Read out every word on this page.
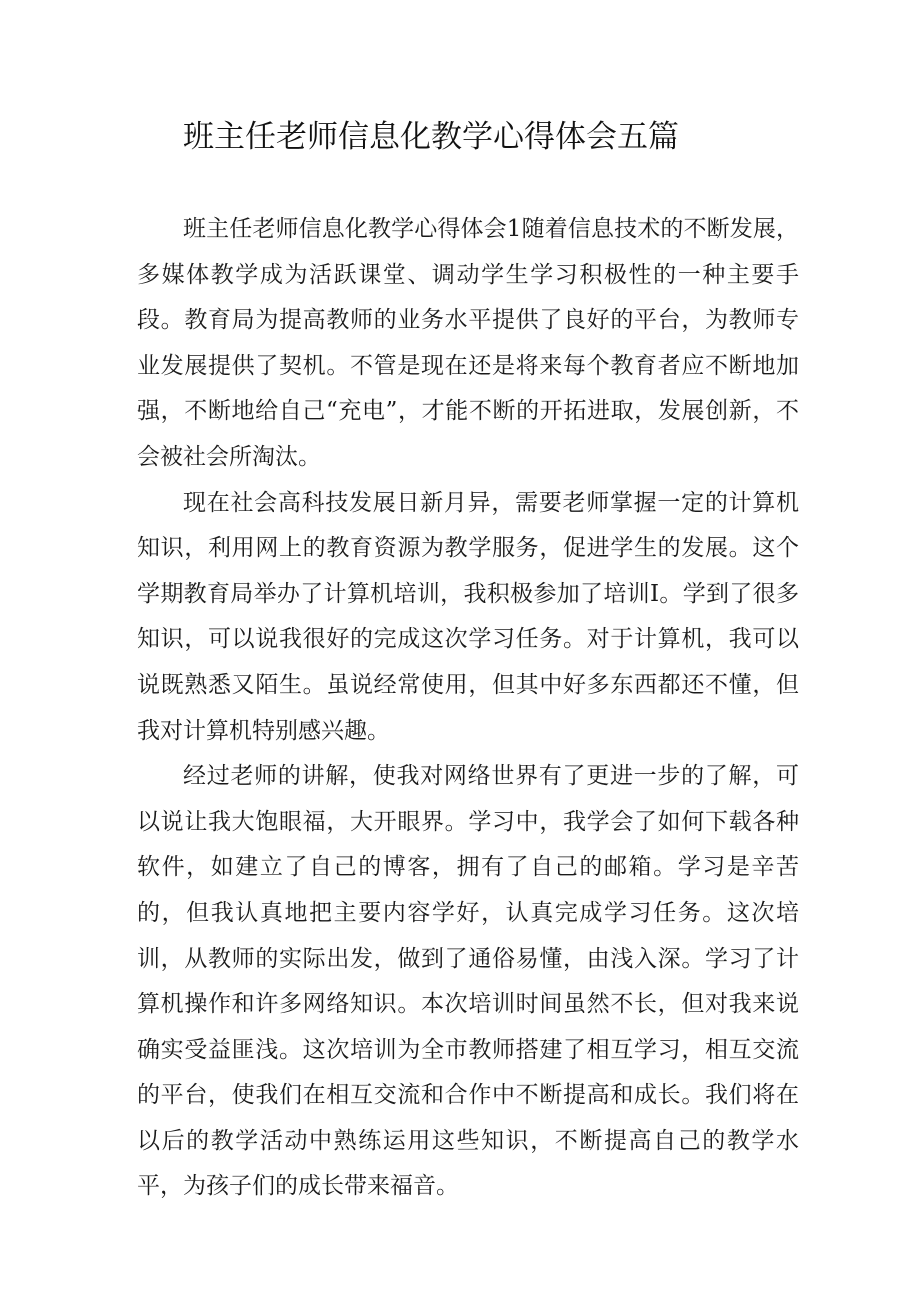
班主任老师信息化教学心得体会五篇

班主任老师信息化教学心得体会1随着信息技术的不断发展，多媒体教学成为活跃课堂、调动学生学习积极性的一种主要手段。教育局为提高教师的业务水平提供了良好的平台，为教师专业发展提供了契机。不管是现在还是将来每个教育者应不断地加强，不断地给自己“充电”，才能不断的开拓进取，发展创新，不会被社会所淘汰。

现在社会高科技发展日新月异，需要老师掌握一定的计算机知识，利用网上的教育资源为教学服务，促进学生的发展。这个学期教育局举办了计算机培训，我积极参加了培训I。学到了很多知识，可以说我很好的完成这次学习任务。对于计算机，我可以说既熟悉又陌生。虽说经常使用，但其中好多东西都还不懂，但我对计算机特别感兴趣。

经过老师的讲解，使我对网络世界有了更进一步的了解，可以说让我大饱眼福，大开眼界。学习中，我学会了如何下载各种软件，如建立了自己的博客，拥有了自己的邮箱。学习是辛苦的，但我认真地把主要内容学好，认真完成学习任务。这次培训，从教师的实际出发，做到了通俗易懂，由浅入深。学习了计算机操作和许多网络知识。本次培训时间虽然不长，但对我来说确实受益匪浅。这次培训为全市教师搭建了相互学习，相互交流的平台，使我们在相互交流和合作中不断提高和成长。我们将在以后的教学活动中熟练运用这些知识，不断提高自己的教学水平，为孩子们的成长带来福音。
